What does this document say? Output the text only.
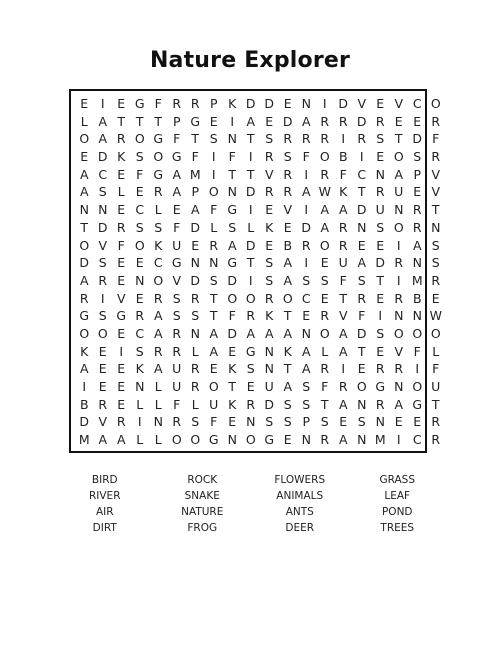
Nature Explorer
E	I	E G F R R P K D D E N I D V E V C O
L A T T T P G E	I A E D A R R D R E E R
O A R O G F T S N T S R R R I R S T D F
E D K S O G F	I	F	I R S F O B I	E O S R
A C E F G A M I	T T V R I R F C N A P V
A S L E R A P O N D R R A W K T R U E V
N N E C L E A F G I	E V I A A D U N R T
T D R S S F D L S L K E D A R N S O R N
O V F O K U E R A D E B R O R E E	I A S
D S E E C G N N G T S A I	E U A D R N S
A R E N O V D S D I	S A S S F S T	I M R
R I V E R S R T O O R O C E T R E R B E
G S G R A S S T F R K T E R V F	I N N W
O O E C A R N A D A A A N O A D S O O O
K E	I	S R R L A E G N K A L A T E V F L
A E E K A U R E K S N T A R I	E R R I	F
I	E E N L U R O T E U A S F R O G N O U
B R E L L F L U K R D S S T A N R A G T
D V R I N R S F E N S S P S E S N E E R
M A A L L O O G N O G E N R A N M I C R
BIRD	ROCK	FLOWERS	GRASS
RIVER	SNAKE	ANIMALS	LEAF
AIR	NATURE	ANTS	POND
DIRT	FROG	DEER	TREES
